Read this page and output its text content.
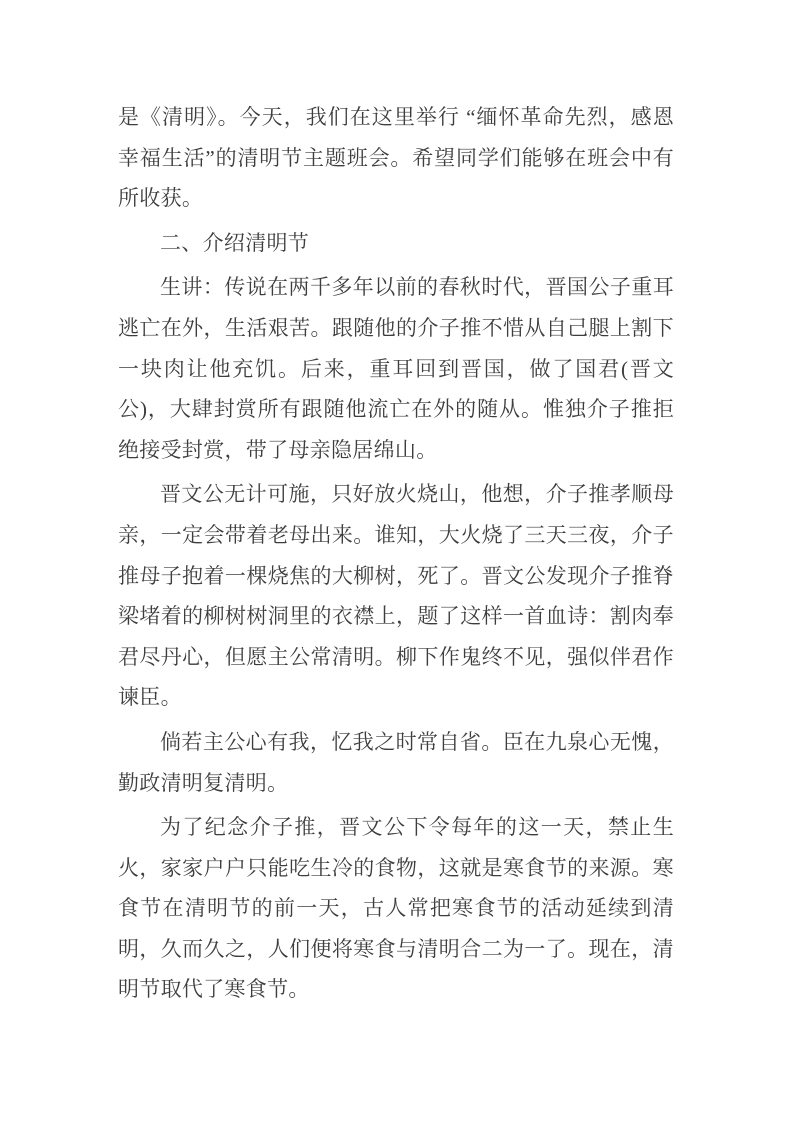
是《清明》。今天，我们在这里举行 “缅怀革命先烈，感恩幸福生活”的清明节主题班会。希望同学们能够在班会中有所收获。

二、介绍清明节

生讲：传说在两千多年以前的春秋时代，晋国公子重耳逃亡在外，生活艰苦。跟随他的介子推不惜从自己腿上割下一块肉让他充饥。后来，重耳回到晋国，做了国君(晋文公)，大肆封赏所有跟随他流亡在外的随从。惟独介子推拒绝接受封赏，带了母亲隐居绵山。

晋文公无计可施，只好放火烧山，他想，介子推孝顺母亲，一定会带着老母出来。谁知，大火烧了三天三夜，介子推母子抱着一棵烧焦的大柳树，死了。晋文公发现介子推脊梁堵着的柳树树洞里的衣襟上，题了这样一首血诗：割肉奉君尽丹心，但愿主公常清明。柳下作鬼终不见，强似伴君作谏臣。

倘若主公心有我，忆我之时常自省。臣在九泉心无愧，勤政清明复清明。

为了纪念介子推，晋文公下令每年的这一天，禁止生火，家家户户只能吃生冷的食物，这就是寒食节的来源。寒食节在清明节的前一天，古人常把寒食节的活动延续到清明，久而久之，人们便将寒食与清明合二为一了。现在，清明节取代了寒食节。
